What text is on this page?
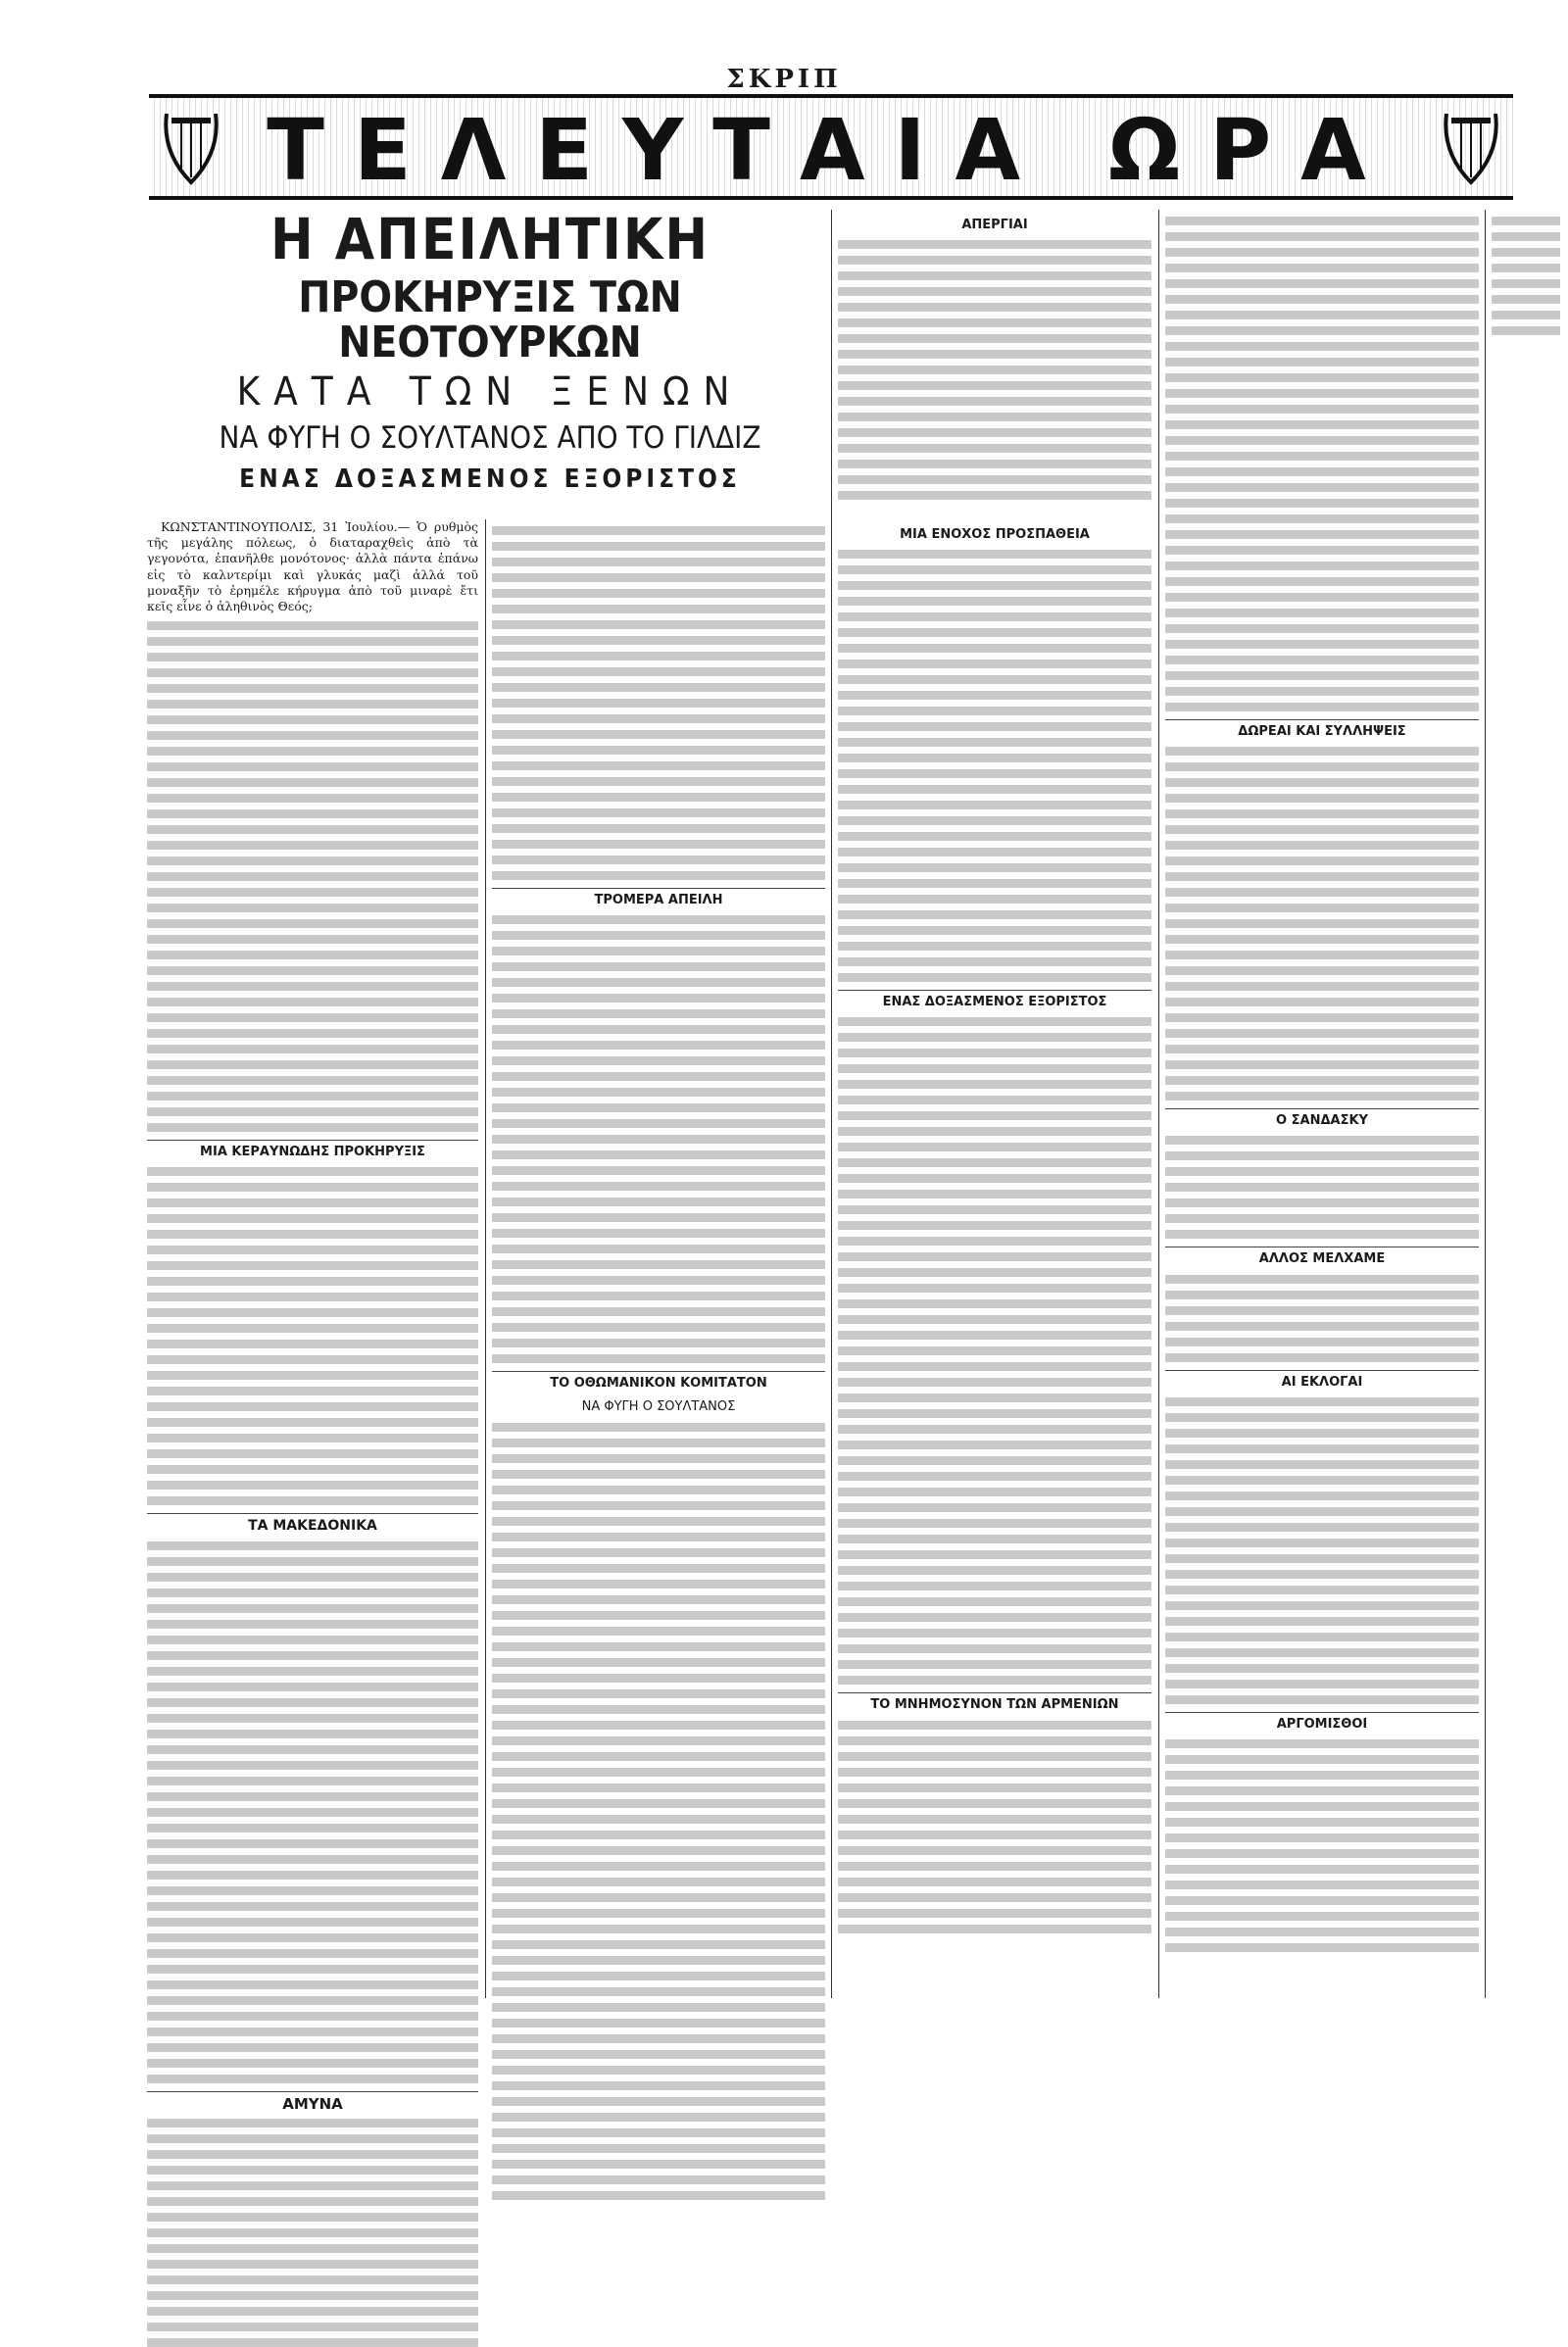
ΣΚΡΙΠ
ΤΕΛΕΥΤΑΙΑ ΩΡΑ
Η ΑΠΕΙΛΗΤΙΚΗ
ΠΡΟΚΗΡΥΞΙΣ ΤΩΝ ΝΕΟΤΟΥΡΚΩΝ
ΚΑΤΑ ΤΩΝ ΞΕΝΩΝ
ΝΑ ΦΥΓΗ Ο ΣΟΥΛΤΑΝΟΣ ΑΠΟ ΤΟ ΓΙΛΔΙΖ
ΕΝΑΣ ΔΟΞΑΣΜΕΝΟΣ ΕΞΟΡΙΣΤΟΣ

ΚΩΝΣΤΑΝΤΙΝΟΥΠΟΛΙΣ, 31 Ἰουλίου.— Ὁ ρυθμὸς τῆς μεγάλης πόλεως, ὁ διαταραχθεὶς ἀπὸ τὰ γεγονότα, ἐπανῆλθε μονότονος· ἀλλὰ πάντα ἐπάνω εἰς τὸ καλντερίμι καὶ γλυκάς μαζὶ ἀλλά τοῦ μοναξῆν τὸ ἐρημέλε κήρυγμα ἀπὸ τοῦ μιναρὲ ἔτι κεῖς εἶνε ὁ ἀληθινὸς Θεός;

ΜΙΑ ΚΕΡΑΥΝΩΔΗΣ ΠΡΟΚΗΡΥΞΙΣ
ΤΑ ΜΑΚΕΔΟΝΙΚΑ
ΑΜΥΝΑ
ΤΡΟΜΕΡΑ ΑΠΕΙΛΗ
ΤΟ ΟΘΩΜΑΝΙΚΟΝ ΚΟΜΙΤΑΤΟΝ
ΝΑ ΦΥΓΗ Ο ΣΟΥΛΤΑΝΟΣ
ΜΙΑ ΕΝΟΧΟΣ ΠΡΟΣΠΑΘΕΙΑ
ΕΝΑΣ ΔΟΞΑΣΜΕΝΟΣ ΕΞΟΡΙΣΤΟΣ
ΤΟ ΜΝΗΜΟΣΥΝΟΝ ΤΩΝ ΑΡΜΕΝΙΩΝ
ΑΠΕΡΓΙΑΙ
ΔΩΡΕΑΙ ΚΑΙ ΣΥΛΛΗΨΕΙΣ
Ο ΣΑΝΔΑΣΚΥ
ΑΛΛΟΣ ΜΕΛΧΑΜΕ
ΑΙ ΕΚΛΟΓΑΙ
ΑΡΓΟΜΙΣΘΟΙ
